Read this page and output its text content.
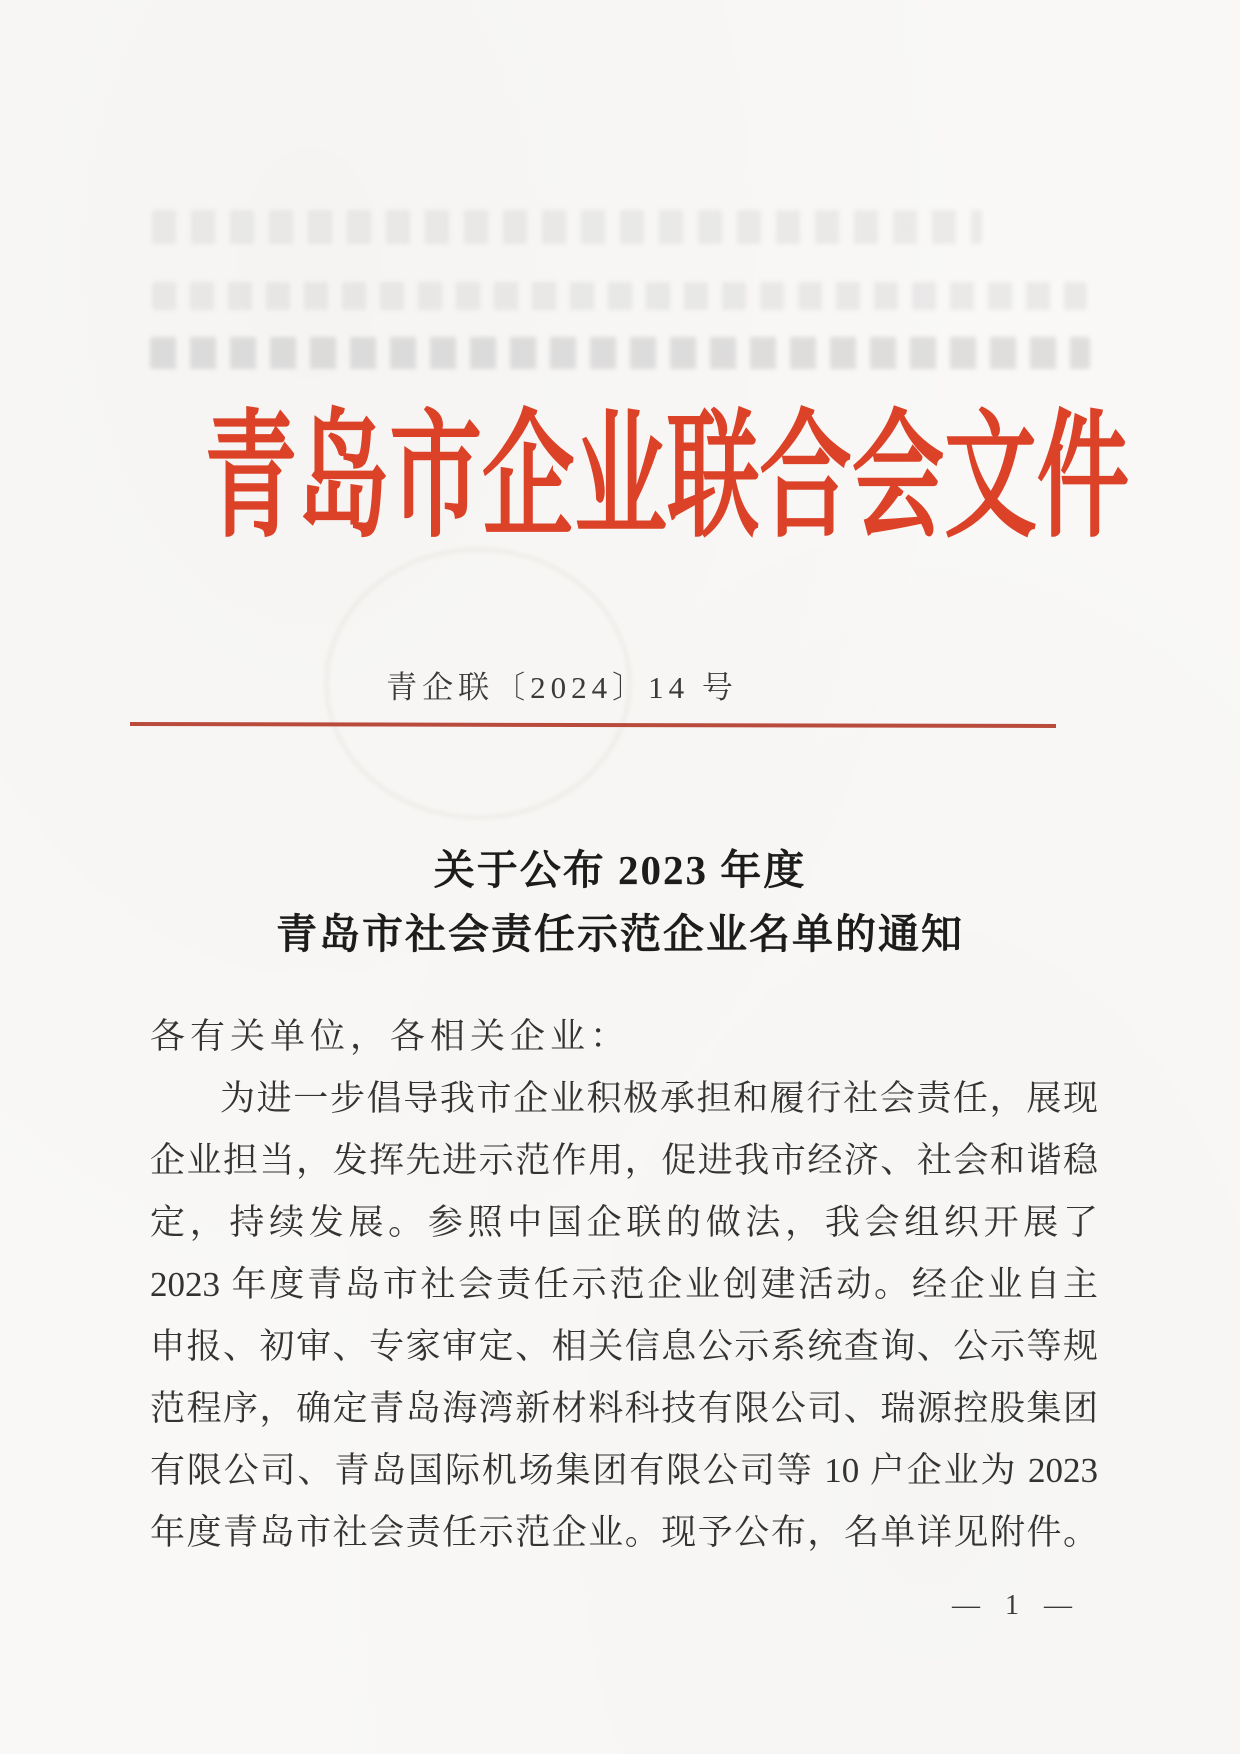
青岛市企业联合会文件
青企联〔2024〕14 号
关于公布 2023 年度
青岛市社会责任示范企业名单的通知
各有关单位，各相关企业：
为进一步倡导我市企业积极承担和履行社会责任，展现
企业担当，发挥先进示范作用，促进我市经济、社会和谐稳
定，持续发展。参照中国企联的做法，我会组织开展了
2023 年度青岛市社会责任示范企业创建活动。经企业自主
申报、初审、专家审定、相关信息公示系统查询、公示等规
范程序，确定青岛海湾新材料科技有限公司、瑞源控股集团
有限公司、青岛国际机场集团有限公司等 10 户企业为 2023
年度青岛市社会责任示范企业。现予公布，名单详见附件。
— 1 —
